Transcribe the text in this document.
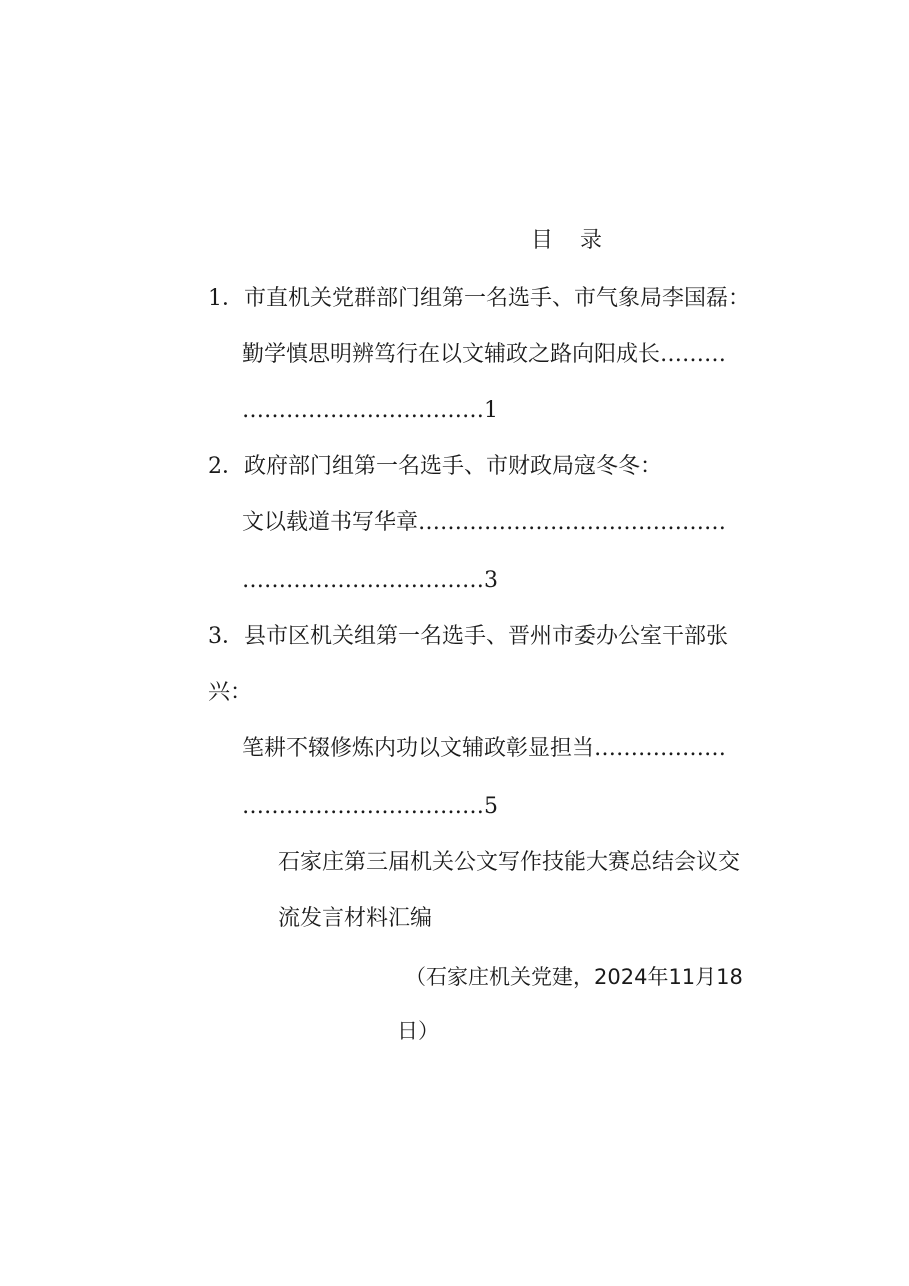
目 录
1．市直机关党群部门组第一名选手、市气象局李国磊：
勤学慎思明辨笃行在以文辅政之路向阳成长………
……………………………1
2．政府部门组第一名选手、市财政局寇冬冬：
文以载道书写华章……………………………………
……………………………3
3．县市区机关组第一名选手、晋州市委办公室干部张
兴：
笔耕不辍修炼内功以文辅政彰显担当………………
……………………………5
石家庄第三届机关公文写作技能大赛总结会议交
流发言材料汇编
（石家庄机关党建，2024年11月18
日）
